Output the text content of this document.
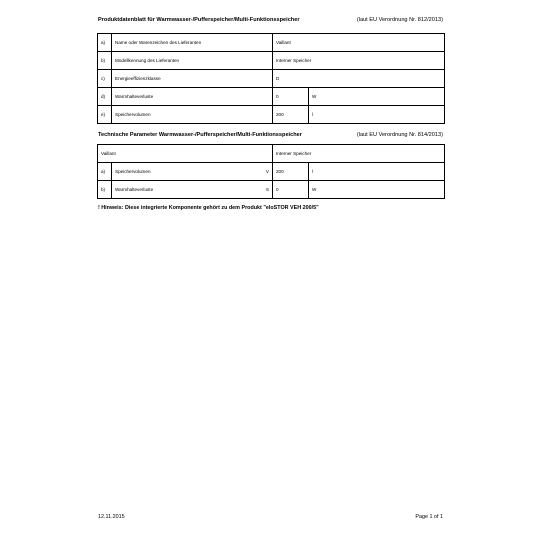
Produktdatenblatt für Warmwasser-/Pufferspeicher/Multi-Funktionsspeicher	(laut EU Verordnung Nr. 812/2013)
a)	Name oder Warenzeichen des Lieferanten	Vaillant	
b)	Modellkennung des Lieferanten	Interner Speicher	
c)	Energieeffizienzklasse	D	
d)	Warmhalteverluste	0	W
e)	Speichervolumen	200	l
Technische Parameter Warmwasser-/Pufferspeicher/Multi-Funktionsspeicher	(laut EU Verordnung Nr. 814/2013)
Vaillant		Interner Speicher	
a)	Speichervolumen V	200	l
b)	Warmhalteverluste S	0	W
! Hinweis: Diese integrierte Komponente gehört zu dem Produkt "eloSTOR VEH 200/5"
12.11.2015	Page 1 of 1
